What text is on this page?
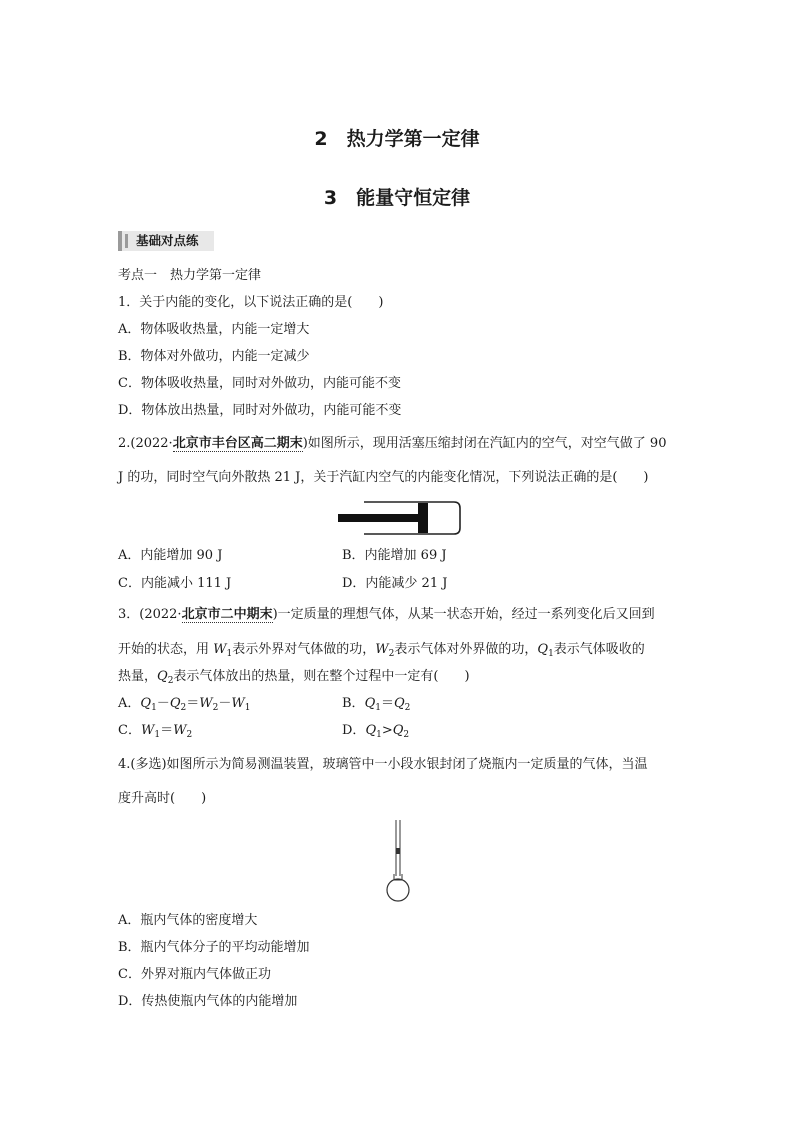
2　热力学第一定律
3　能量守恒定律
基础对点练
考点一　热力学第一定律
1．关于内能的变化，以下说法正确的是(　　)
A．物体吸收热量，内能一定增大
B．物体对外做功，内能一定减少
C．物体吸收热量，同时对外做功，内能可能不变
D．物体放出热量，同时对外做功，内能可能不变
2.(2022·北京市丰台区高二期末)如图所示，现用活塞压缩封闭在汽缸内的空气，对空气做了 90
J 的功，同时空气向外散热 21 J，关于汽缸内空气的内能变化情况，下列说法正确的是(　　)
A．内能增加 90 J	B．内能增加 69 J
C．内能减小 111 J	D．内能减少 21 J
3．(2022·北京市二中期末)一定质量的理想气体，从某一状态开始，经过一系列变化后又回到
开始的状态，用 $W_1$表示外界对气体做的功，$W_2$表示气体对外界做的功，$Q_1$表示气体吸收的
热量，$Q_2$表示气体放出的热量，则在整个过程中一定有(　　)
A．$Q_1-Q_2=W_2-W_1$	B．$Q_1=Q_2$
C．$W_1=W_2$	D．$Q_1>Q_2$
4.(多选)如图所示为简易测温装置，玻璃管中一小段水银封闭了烧瓶内一定质量的气体，当温
度升高时(　　)
A．瓶内气体的密度增大
B．瓶内气体分子的平均动能增加
C．外界对瓶内气体做正功
D．传热使瓶内气体的内能增加
